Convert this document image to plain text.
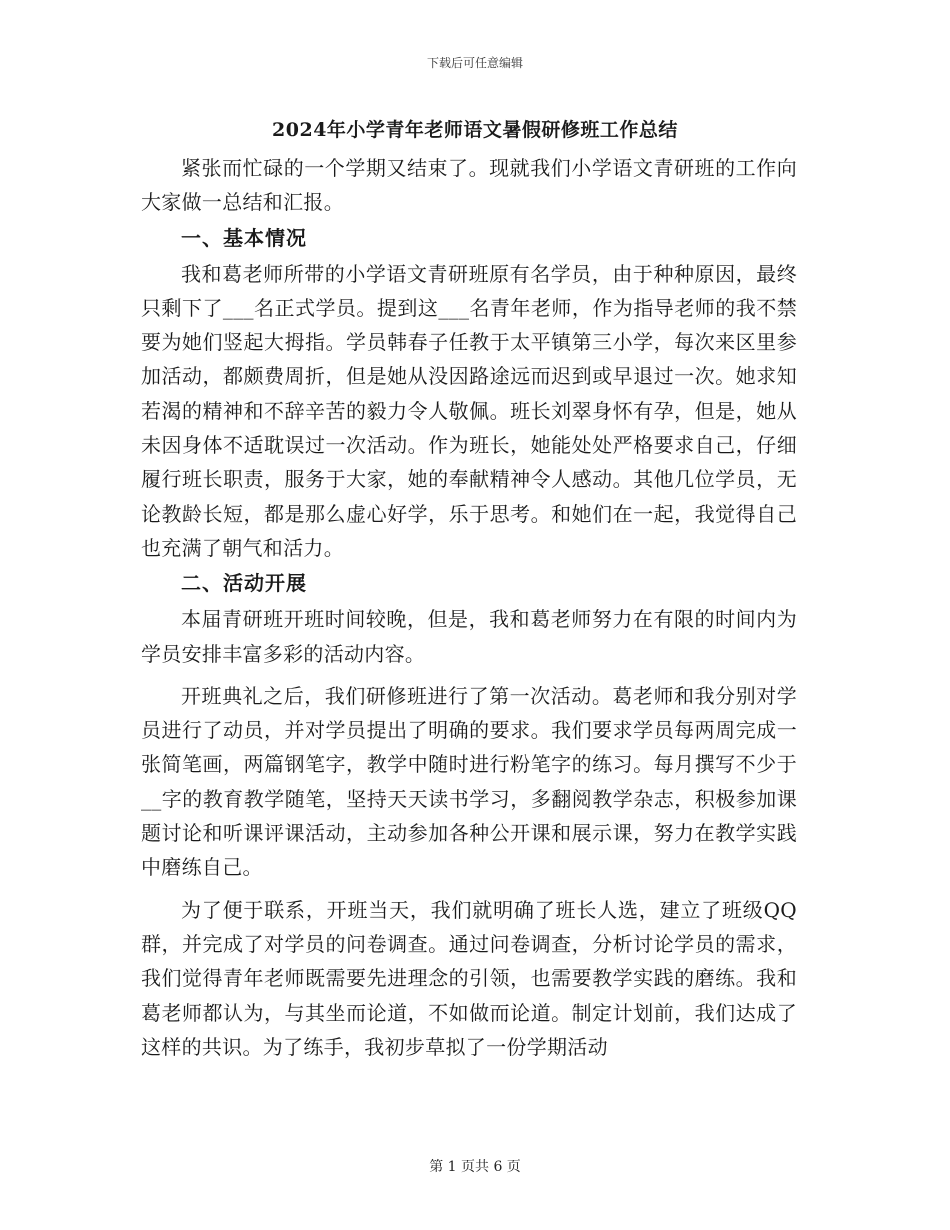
下载后可任意编辑
2024年小学青年老师语文暑假研修班工作总结

紧张而忙碌的一个学期又结束了。现就我们小学语文青研班的工作向大家做一总结和汇报。

一、基本情况

我和葛老师所带的小学语文青研班原有名学员，由于种种原因，最终只剩下了___名正式学员。提到这___名青年老师，作为指导老师的我不禁要为她们竖起大拇指。学员韩春子任教于太平镇第三小学，每次来区里参加活动，都颇费周折，但是她从没因路途远而迟到或早退过一次。她求知若渴的精神和不辞辛苦的毅力令人敬佩。班长刘翠身怀有孕，但是，她从未因身体不适耽误过一次活动。作为班长，她能处处严格要求自己，仔细履行班长职责，服务于大家，她的奉献精神令人感动。其他几位学员，无论教龄长短，都是那么虚心好学，乐于思考。和她们在一起，我觉得自己也充满了朝气和活力。

二、活动开展

本届青研班开班时间较晚，但是，我和葛老师努力在有限的时间内为学员安排丰富多彩的活动内容。

开班典礼之后，我们研修班进行了第一次活动。葛老师和我分别对学员进行了动员，并对学员提出了明确的要求。我们要求学员每两周完成一张简笔画，两篇钢笔字，教学中随时进行粉笔字的练习。每月撰写不少于__字的教育教学随笔，坚持天天读书学习，多翻阅教学杂志，积极参加课题讨论和听课评课活动，主动参加各种公开课和展示课，努力在教学实践中磨练自己。

为了便于联系，开班当天，我们就明确了班长人选，建立了班级QQ群，并完成了对学员的问卷调查。通过问卷调查，分析讨论学员的需求，我们觉得青年老师既需要先进理念的引领，也需要教学实践的磨练。我和葛老师都认为，与其坐而论道，不如做而论道。制定计划前，我们达成了这样的共识。为了练手，我初步草拟了一份学期活动

第 1 页共 6 页
